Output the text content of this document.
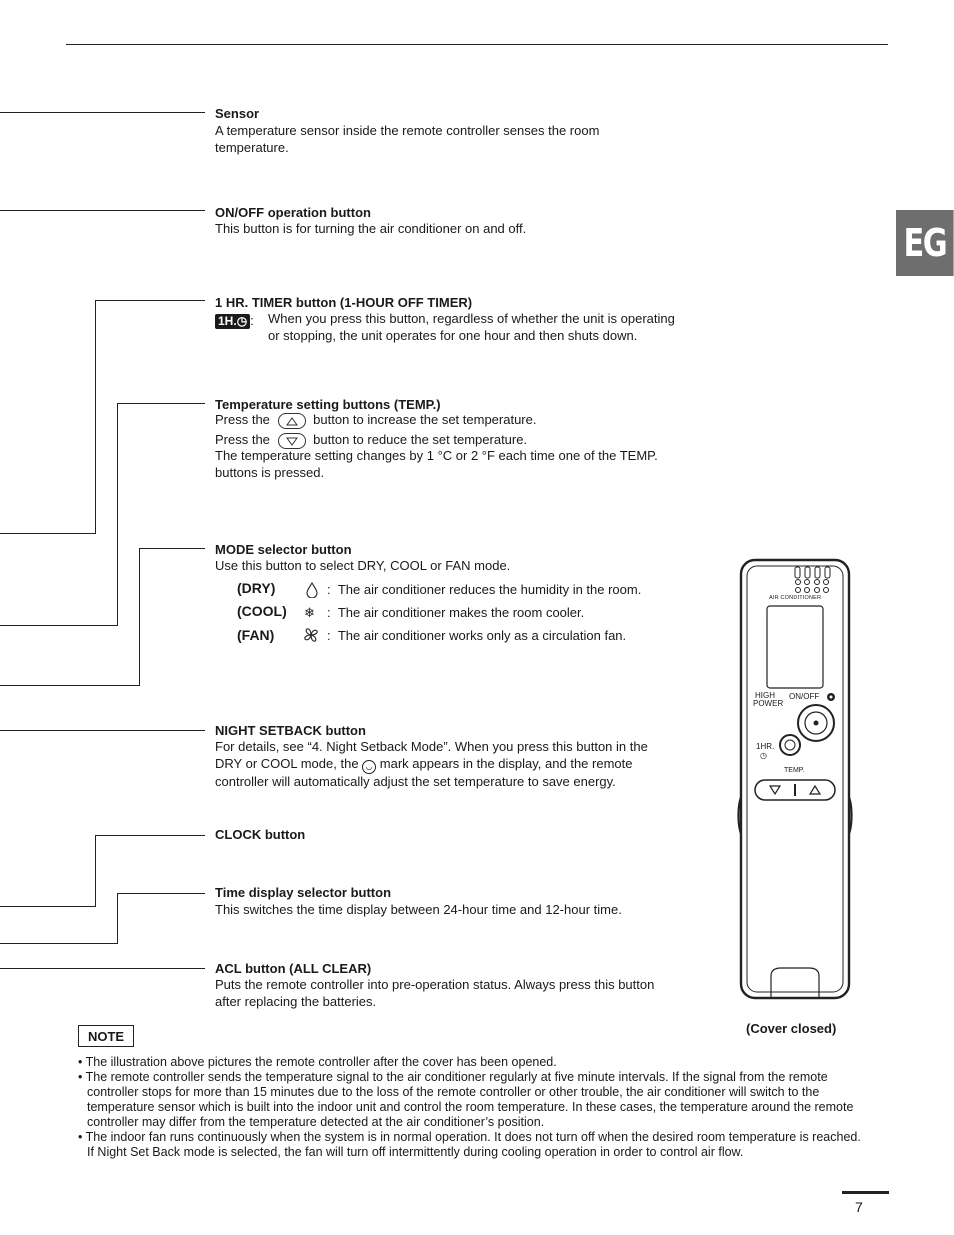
EG
Sensor
A temperature sensor inside the remote controller senses the room temperature.
ON/OFF operation button
This button is for turning the air conditioner on and off.
1 HR. TIMER button (1-HOUR OFF TIMER)
1H.◷ : When you press this button, regardless of whether the unit is operating or stopping, the unit operates for one hour and then shuts down.
Temperature setting buttons (TEMP.)
Press the	button to increase the set temperature.
Press the	button to reduce the set temperature.
The temperature setting changes by 1 °C or 2 °F each time one of the TEMP. buttons is pressed.
MODE selector button
Use this button to select DRY, COOL or FAN mode.
(DRY)	:  The air conditioner reduces the humidity in the room.
(COOL) ❄ :  The air conditioner makes the room cooler.
(FAN)	:  The air conditioner works only as a circulation fan.
NIGHT SETBACK button
For details, see “4. Night Setback Mode”. When you press this button in the DRY or COOL mode, the ◡ mark appears in the display, and the remote controller will automatically adjust the set temperature to save energy.
CLOCK button
Time display selector button
This switches the time display between 24-hour time and 12-hour time.
ACL button (ALL CLEAR)
Puts the remote controller into pre-operation status. Always press this button after replacing the batteries.
AIR CONDITIONER
HIGH
POWER
ON/OFF
1HR.
◷
TEMP.
(Cover closed)
NOTE
• The illustration above pictures the remote controller after the cover has been opened.
• The remote controller sends the temperature signal to the air conditioner regularly at five minute intervals. If the signal from the remote controller stops for more than 15 minutes due to the loss of the remote controller or other trouble, the air conditioner will switch to the temperature sensor which is built into the indoor unit and control the room temperature. In these cases, the temperature around the remote controller may differ from the temperature detected at the air conditioner’s position.
• The indoor fan runs continuously when the system is in normal operation. It does not turn off when the desired room temperature is reached. If Night Set Back mode is selected, the fan will turn off intermittently during cooling operation in order to control air flow.
7
